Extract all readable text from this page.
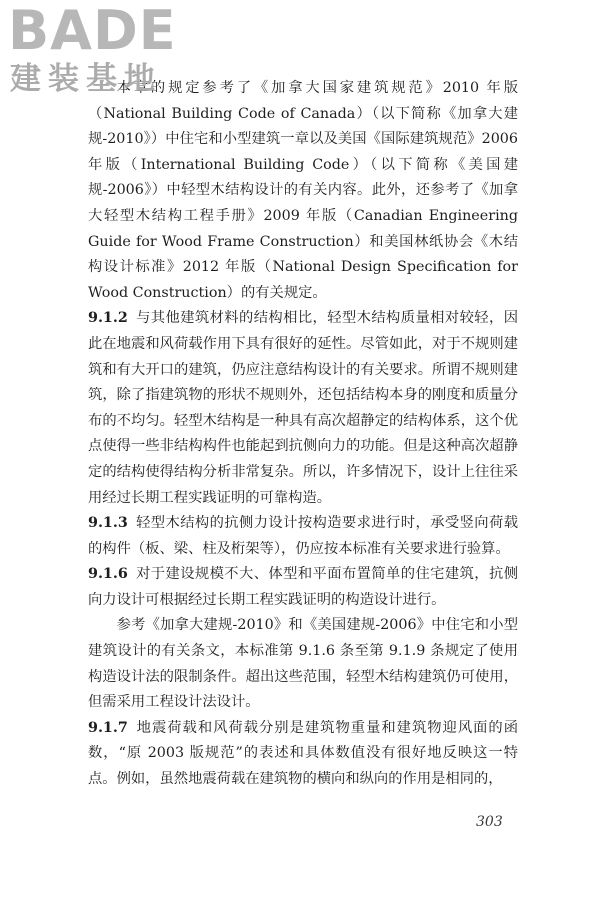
BADE
建装基地

本章的规定参考了《加拿大国家建筑规范》2010 年版（National Building Code of Canada）（以下简称《加拿大建规-2010》）中住宅和小型建筑一章以及美国《国际建筑规范》2006 年版（International Building Code）（以下简称《美国建规-2006》）中轻型木结构设计的有关内容。此外，还参考了《加拿大轻型木结构工程手册》2009 年版（Canadian Engineering Guide for Wood Frame Construction）和美国林纸协会《木结构设计标准》2012 年版（National Design Specification for Wood Construction）的有关规定。

9.1.2 与其他建筑材料的结构相比，轻型木结构质量相对较轻，因此在地震和风荷载作用下具有很好的延性。尽管如此，对于不规则建筑和有大开口的建筑，仍应注意结构设计的有关要求。所谓不规则建筑，除了指建筑物的形状不规则外，还包括结构本身的刚度和质量分布的不均匀。轻型木结构是一种具有高次超静定的结构体系，这个优点使得一些非结构构件也能起到抗侧向力的功能。但是这种高次超静定的结构使得结构分析非常复杂。所以，许多情况下，设计上往往采用经过长期工程实践证明的可靠构造。

9.1.3 轻型木结构的抗侧力设计按构造要求进行时，承受竖向荷载的构件（板、梁、柱及桁架等），仍应按本标准有关要求进行验算。

9.1.6 对于建设规模不大、体型和平面布置简单的住宅建筑，抗侧向力设计可根据经过长期工程实践证明的构造设计进行。

参考《加拿大建规-2010》和《美国建规-2006》中住宅和小型建筑设计的有关条文，本标准第 9.1.6 条至第 9.1.9 条规定了使用构造设计法的限制条件。超出这些范围，轻型木结构建筑仍可使用，但需采用工程设计法设计。

9.1.7 地震荷载和风荷载分别是建筑物重量和建筑物迎风面的函数，“原 2003 版规范”的表述和具体数值没有很好地反映这一特点。例如，虽然地震荷载在建筑物的横向和纵向的作用是相同的，

303
